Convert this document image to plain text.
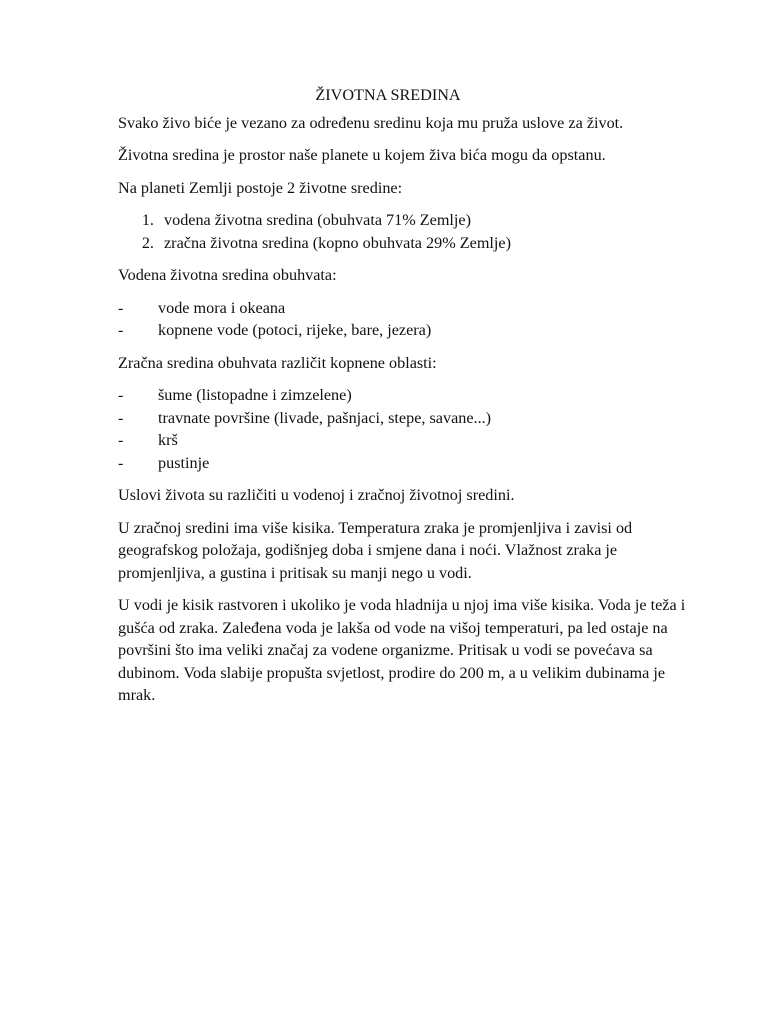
ŽIVOTNA SREDINA

Svako živo biće je vezano za određenu sredinu koja mu pruža uslove za život.

Životna sredina je prostor naše planete u kojem živa bića mogu da opstanu.

Na planeti Zemlji postoje 2 životne sredine:

1. vodena životna sredina (obuhvata 71% Zemlje)
2. zračna životna sredina (kopno obuhvata 29% Zemlje)

Vodena životna sredina obuhvata:

-	vode mora i okeana
-	kopnene vode (potoci, rijeke, bare, jezera)

Zračna sredina obuhvata različit kopnene oblasti:

-	šume (listopadne i zimzelene)
-	travnate površine (livade, pašnjaci, stepe, savane...)
-	krš
-	pustinje

Uslovi života su različiti u vodenoj i zračnoj životnoj sredini.

U zračnoj sredini ima više kisika. Temperatura zraka je promjenljiva i zavisi od geografskog položaja, godišnjeg doba i smjene dana i noći. Vlažnost zraka je promjenljiva, a gustina i pritisak su manji nego u vodi.

U vodi je kisik rastvoren i ukoliko je voda hladnija u njoj ima više kisika. Voda je teža i gušća od zraka. Zaleđena voda je lakša od vode na višoj temperaturi, pa led ostaje na površini što ima veliki značaj za vodene organizme. Pritisak u vodi se povećava sa dubinom. Voda slabije propušta svjetlost, prodire do 200 m, a u velikim dubinama je mrak.
